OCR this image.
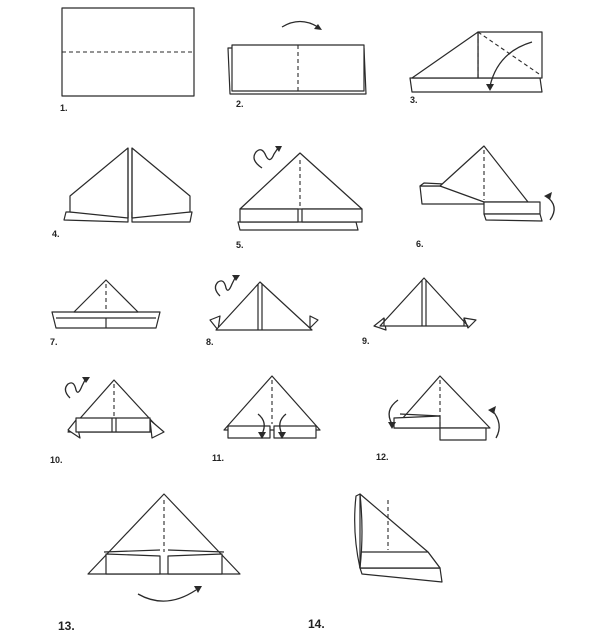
1.	2.	3.
4.
5.	6.
7.	8.	9.
10.	11.	12.
13.	14.
